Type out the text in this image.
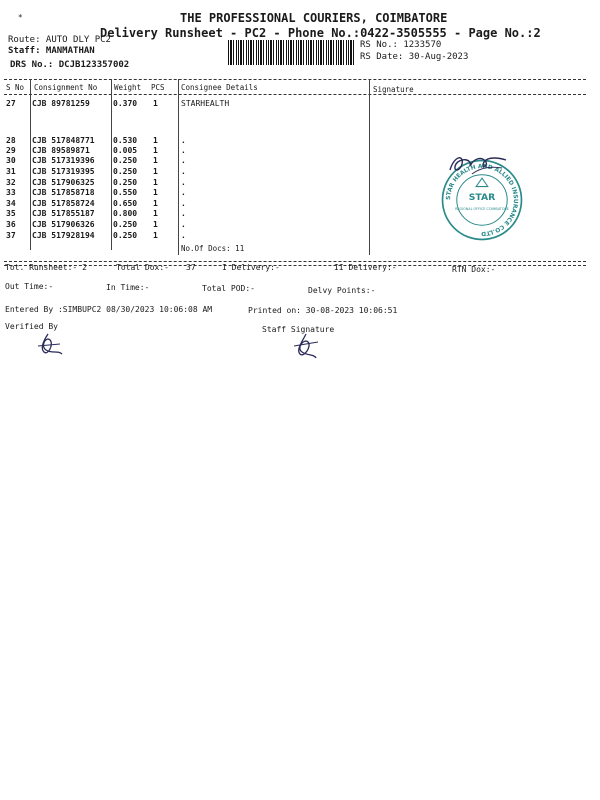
*	THE PROFESSIONAL COURIERS, COIMBATORE
Delivery Runsheet - PC2 - Phone No.:0422-3505555 - Page No.:2
Route: AUTO DLY PC2
Staff: MANMATHAN
DRS No.: DCJB123357002
RS No.: 1233570
RS Date: 30-Aug-2023
S No Consignment No Weight PCS Consignee Details	Signature
27 CJB 89781259	0.370 1	STARHEALTH
28 CJB 517848771 0.530 1	.
29 CJB 89589871	0.005 1	.
30 CJB 517319396 0.250 1	.
31 CJB 517319395 0.250 1	.
32 CJB 517906325 0.250 1	.
33 CJB 517858718 0.550 1	.
34 CJB 517858724 0.650 1	.
35 CJB 517855187 0.800 1	.
36 CJB 517906326 0.250 1	.
37 CJB 517928194 0.250 1	.
No.Of Docs: 11
STAR HEALTH AND ALLIED INSURANCE CO.LTD
STAR
REGIONAL OFFICE COIMBATORE
Tot. Runsheet:- 2	Total Dox:- 37	I Delivery:-	II Delivery:-	RTN Dox:-
Out Time:-	In Time:-	Total POD:-	Delvy Points:-
Entered By :SIMBUPC2 08/30/2023 10:06:08 AM	Printed on: 30-08-2023 10:06:51
Verified By	Staff Signature
